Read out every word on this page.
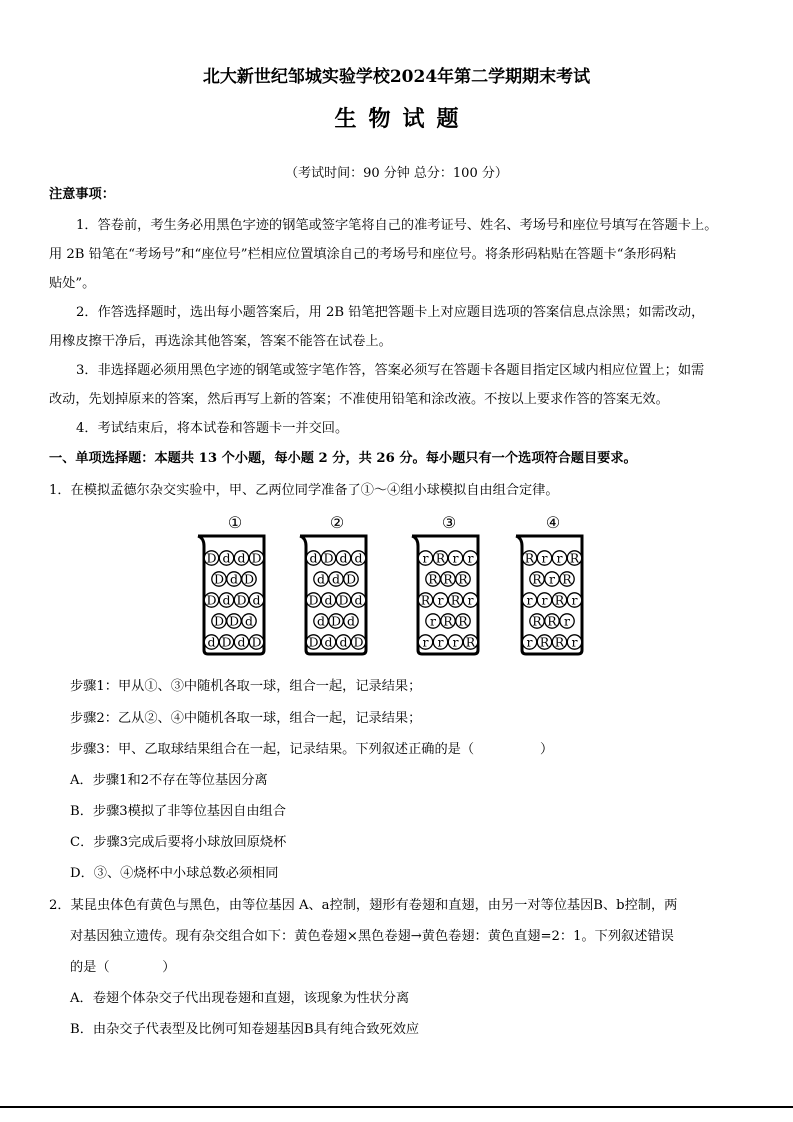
北大新世纪邹城实验学校2024年第二学期期末考试
生物试题
（考试时间：90 分钟 总分：100 分）
注意事项：
1．答卷前，考生务必用黑色字迹的钢笔或签字笔将自己的准考证号、姓名、考场号和座位号填写在答题卡上。
用 2B 铅笔在“考场号”和“座位号”栏相应位置填涂自己的考场号和座位号。将条形码粘贴在答题卡“条形码粘
贴处”。
2．作答选择题时，选出每小题答案后，用 2B 铅笔把答题卡上对应题目选项的答案信息点涂黑；如需改动，
用橡皮擦干净后，再选涂其他答案，答案不能答在试卷上。
3．非选择题必须用黑色字迹的钢笔或签字笔作答，答案必须写在答题卡各题目指定区域内相应位置上；如需
改动，先划掉原来的答案，然后再写上新的答案；不准使用铅笔和涂改液。不按以上要求作答的答案无效。
4．考试结束后，将本试卷和答题卡一并交回。
一、单项选择题：本题共 13 个小题，每小题 2 分，共 26 分。每小题只有一个选项符合题目要求。
1．在模拟孟德尔杂交实验中，甲、乙两位同学准备了①～④组小球模拟自由组合定律。
①
D d d D
D d D
D d D d
D D d
d D d D
②
d D d d
d d D
D d D d
d D d
D d d D
③
r R r r
R R R
R r R r
r R R
r r r R
④
R r r R
R r R
r r R r
R R r
r R R r
步骤1：甲从①、③中随机各取一球，组合一起，记录结果；
步骤2：乙从②、④中随机各取一球，组合一起，记录结果；
步骤3：甲、乙取球结果组合在一起，记录结果。下列叙述正确的是（　　　　　）
A．步骤1和2不存在等位基因分离
B．步骤3模拟了非等位基因自由组合
C．步骤3完成后要将小球放回原烧杯
D．③、④烧杯中小球总数必须相同
2．某昆虫体色有黄色与黑色，由等位基因 A、a控制，翅形有卷翅和直翅，由另一对等位基因B、b控制，两
对基因独立遗传。现有杂交组合如下：黄色卷翅×黑色卷翅→黄色卷翅：黄色直翅=2：1。下列叙述错误
的是（　　　　）
A．卷翅个体杂交子代出现卷翅和直翅，该现象为性状分离
B．由杂交子代表型及比例可知卷翅基因B具有纯合致死效应
